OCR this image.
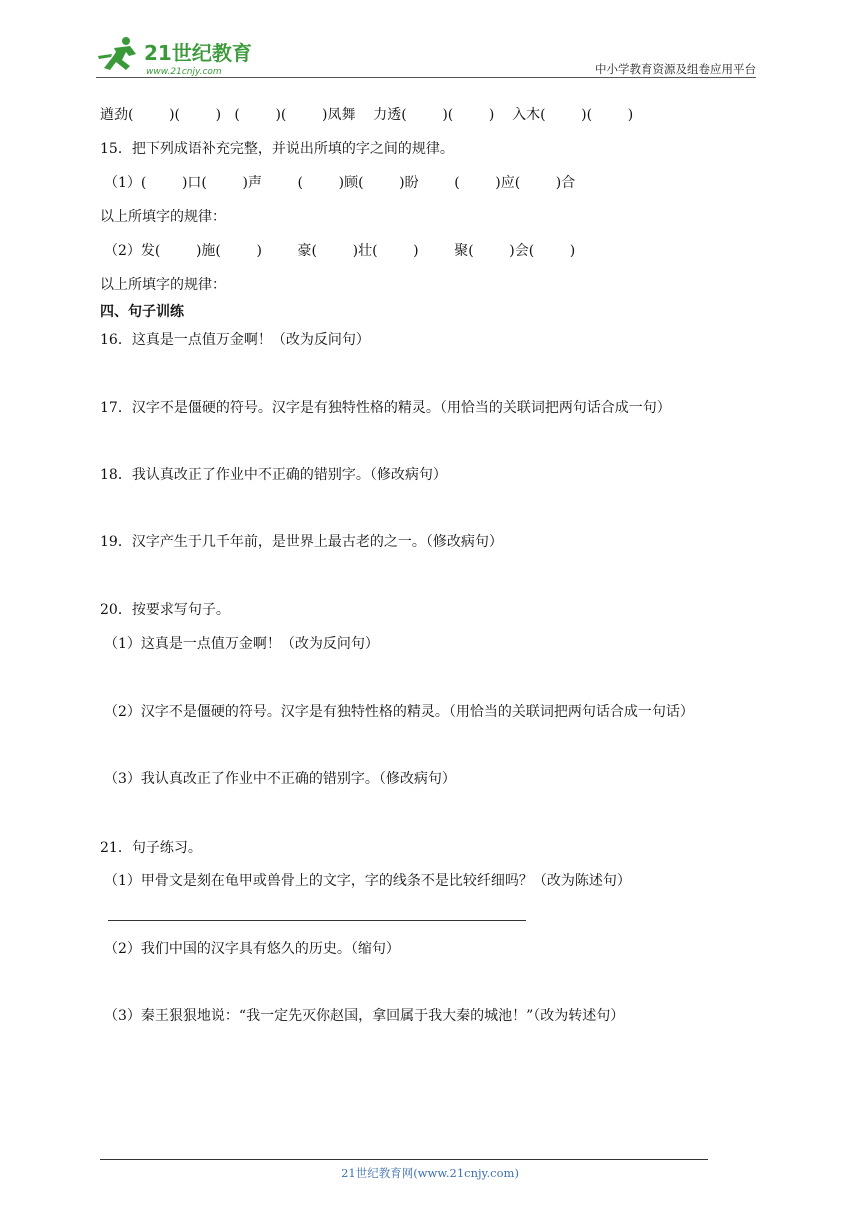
21世纪教育
www.21cnjy.com	中小学教育资源及组卷应用平台
遒劲(        )(        )   (        )(        )凤舞    力透(        )(        )    入木(        )(        )
15．把下列成语补充完整，并说出所填的字之间的规律。
（1）(        )口(        )声        (        )顾(        )盼        (        )应(        )合
以上所填字的规律：
（2）发(        )施(        )        豪(        )壮(        )        聚(        )会(        )
以上所填字的规律：
四、句子训练
16．这真是一点值万金啊！（改为反问句）
17．汉字不是僵硬的符号。汉字是有独特性格的精灵。（用恰当的关联词把两句话合成一句）
18．我认真改正了作业中不正确的错别字。（修改病句）
19．汉字产生于几千年前，是世界上最古老的之一。（修改病句）
20．按要求写句子。
（1）这真是一点值万金啊！（改为反问句）
（2）汉字不是僵硬的符号。汉字是有独特性格的精灵。（用恰当的关联词把两句话合成一句话）
（3）我认真改正了作业中不正确的错别字。（修改病句）
21．句子练习。
（1）甲骨文是刻在龟甲或兽骨上的文字，字的线条不是比较纤细吗？（改为陈述句）
（2）我们中国的汉字具有悠久的历史。（缩句）
（3）秦王狠狠地说：“我一定先灭你赵国，拿回属于我大秦的城池！”（改为转述句）
21世纪教育网(www.21cnjy.com)
